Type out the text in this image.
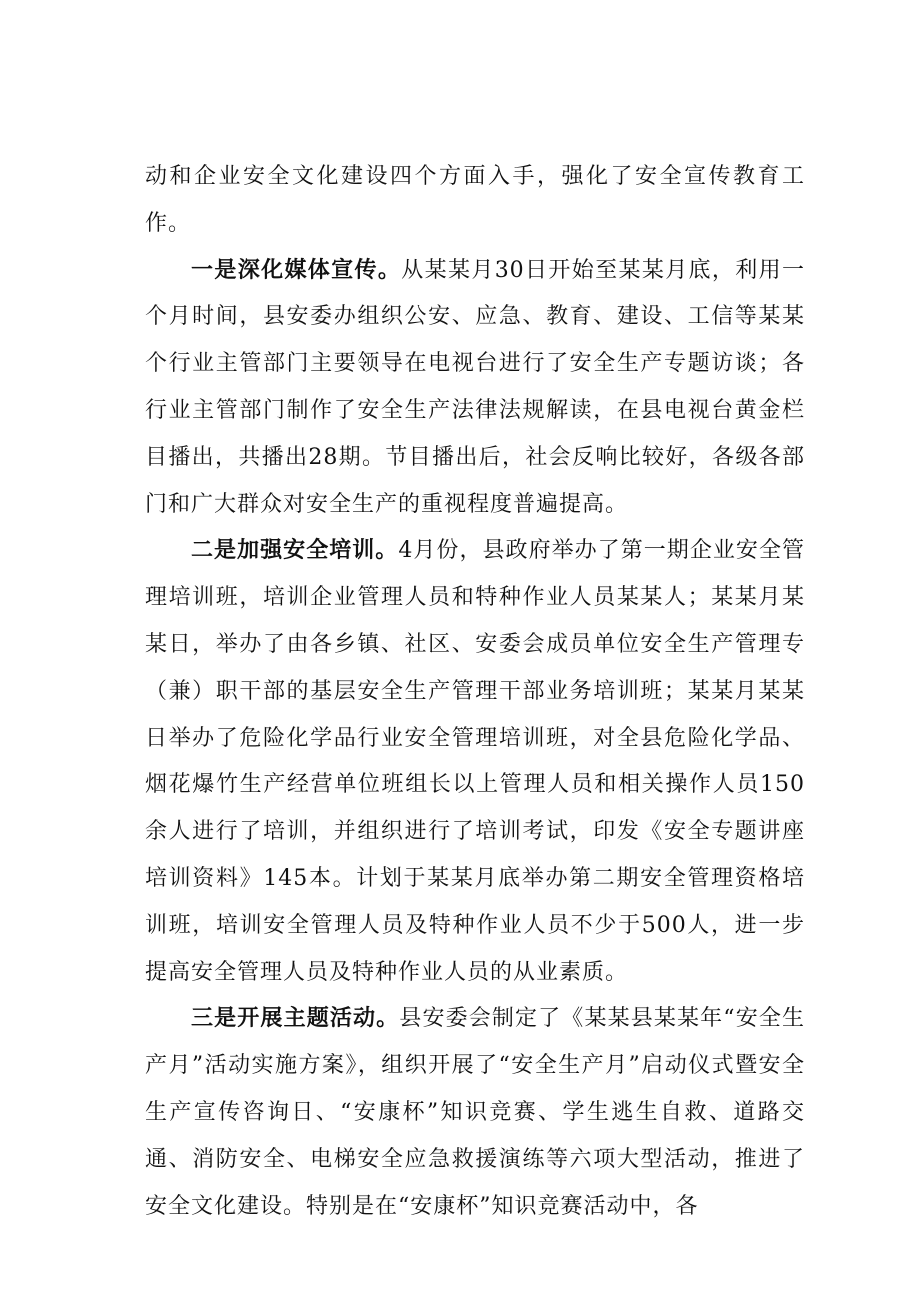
动和企业安全文化建设四个方面入手，强化了安全宣传教育工作。

一是深化媒体宣传。从某某月30日开始至某某月底，利用一个月时间，县安委办组织公安、应急、教育、建设、工信等某某个行业主管部门主要领导在电视台进行了安全生产专题访谈；各行业主管部门制作了安全生产法律法规解读，在县电视台黄金栏目播出，共播出28期。节目播出后，社会反响比较好，各级各部门和广大群众对安全生产的重视程度普遍提高。

二是加强安全培训。4月份，县政府举办了第一期企业安全管理培训班，培训企业管理人员和特种作业人员某某人；某某月某某日，举办了由各乡镇、社区、安委会成员单位安全生产管理专（兼）职干部的基层安全生产管理干部业务培训班；某某月某某日举办了危险化学品行业安全管理培训班，对全县危险化学品、烟花爆竹生产经营单位班组长以上管理人员和相关操作人员150余人进行了培训，并组织进行了培训考试，印发《安全专题讲座培训资料》145本。计划于某某月底举办第二期安全管理资格培训班，培训安全管理人员及特种作业人员不少于500人，进一步提高安全管理人员及特种作业人员的从业素质。

三是开展主题活动。县安委会制定了《某某县某某年“安全生产月”活动实施方案》，组织开展了“安全生产月”启动仪式暨安全生产宣传咨询日、“安康杯”知识竞赛、学生逃生自救、道路交通、消防安全、电梯安全应急救援演练等六项大型活动，推进了安全文化建设。特别是在“安康杯”知识竞赛活动中，各
